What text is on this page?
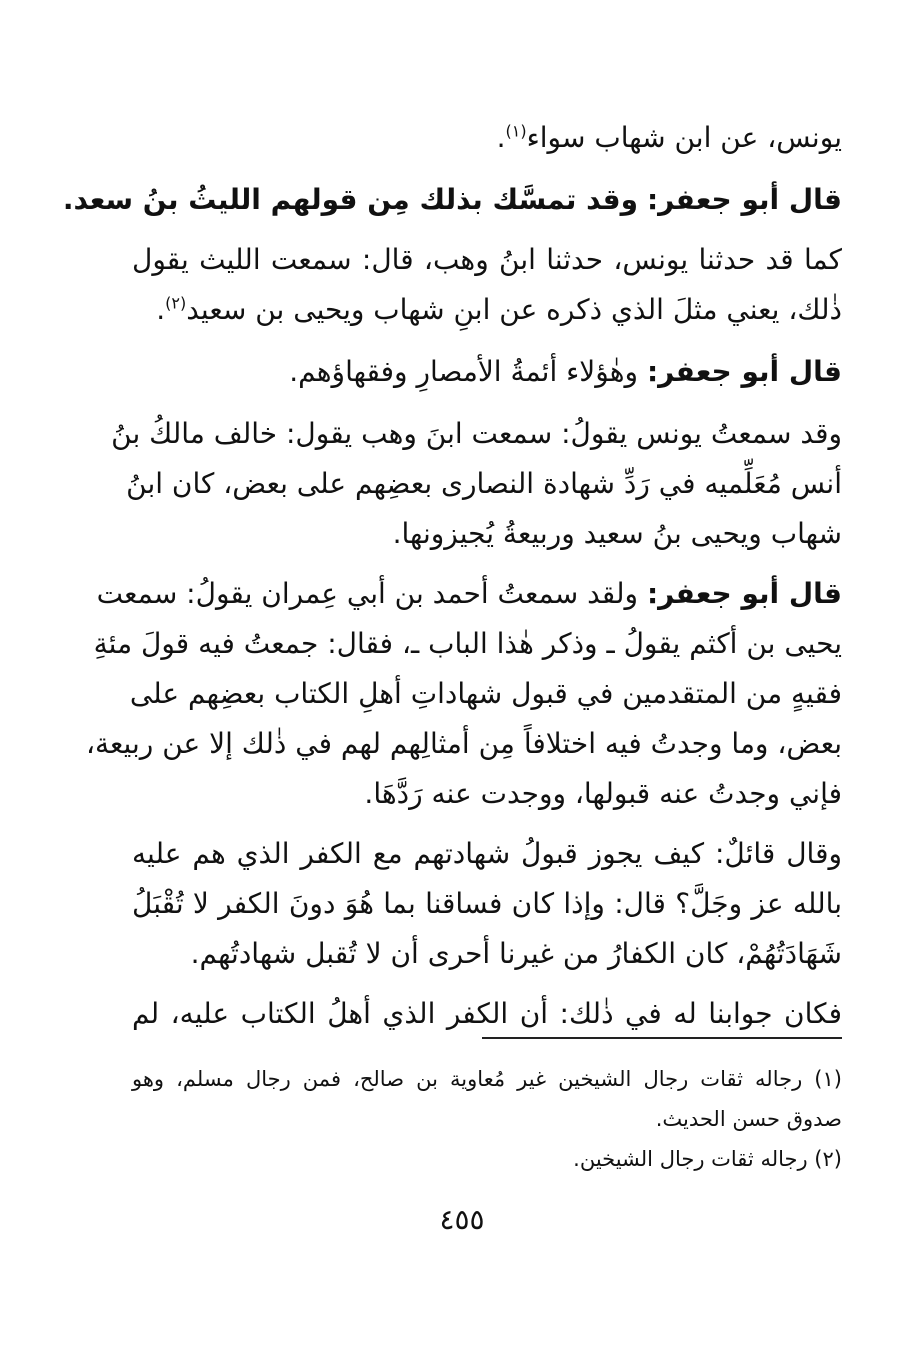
يونس، عن ابن شهاب سواء$^{(١)}$.
قال أبو جعفر: وقد تمسَّك بذلك مِن قولهم الليثُ بنُ سعد.
كما قد حدثنا يونس، حدثنا ابنُ وهب، قال: سمعت الليث يقول
ذٰلك، يعني مثلَ الذي ذكره عن ابنِ شهاب ويحيى بن سعيد$^{(٢)}$.
قال أبو جعفر: وهٰؤلاء أئمةُ الأمصارِ وفقهاؤهم.
وقد سمعتُ يونس يقولُ: سمعت ابنَ وهب يقول: خالف مالكُ بنُ
أنس مُعَلِّميه في رَدِّ شهادة النصارى بعضِهم على بعض، كان ابنُ
شهاب ويحيى بنُ سعيد وربيعةُ يُجيزونها.
قال أبو جعفر: ولقد سمعتُ أحمد بن أبي عِمران يقولُ: سمعت
يحيى بن أكثم يقولُ ـ وذكر هٰذا الباب ـ، فقال: جمعتُ فيه قولَ مئةِ
فقيهٍ من المتقدمين في قبول شهاداتِ أهلِ الكتاب بعضِهم على
بعض، وما وجدتُ فيه اختلافاً مِن أمثالِهم لهم في ذٰلك إلا عن ربيعة،
فإني وجدتُ عنه قبولها، ووجدت عنه رَدَّهَا.
وقال قائلٌ: كيف يجوز قبولُ شهادتهم مع الكفر الذي هم عليه
بالله عز وجَلَّ؟ قال: وإذا كان فساقنا بما هُوَ دونَ الكفر لا تُقْبَلُ
شَهَادَتُهُمْ، كان الكفارُ من غيرنا أحرى أن لا تُقبل شهادتُهم.
فكان جوابنا له في ذٰلك: أن الكفر الذي أهلُ الكتاب عليه، لم
(١) رجاله ثقات رجال الشيخين غير مُعاوية بن صالح، فمن رجال مسلم، وهو
صدوق حسن الحديث.
(٢) رجاله ثقات رجال الشيخين.
٤٥٥
